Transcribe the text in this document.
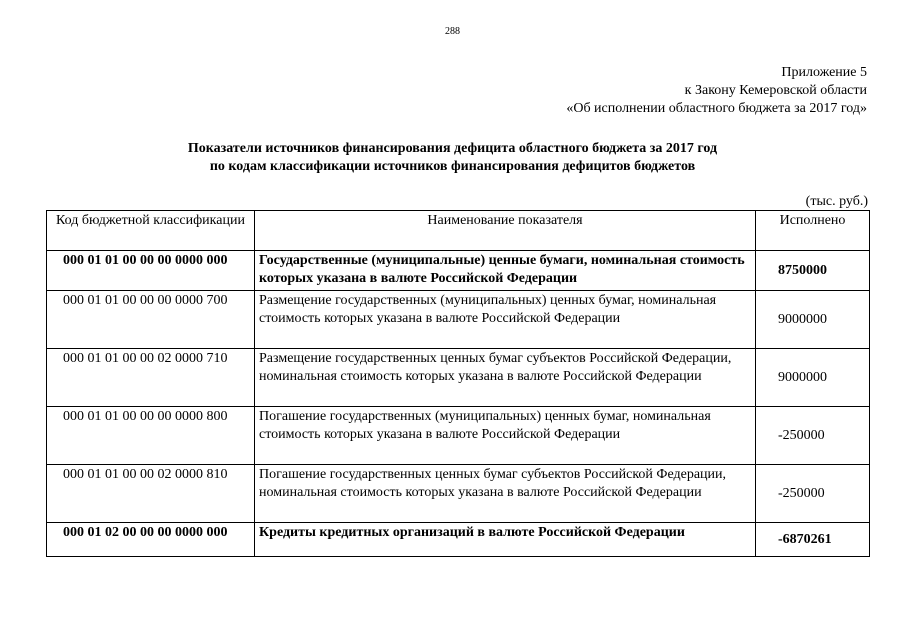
288
Приложение 5
к Закону Кемеровской области
«Об исполнении областного бюджета за 2017 год»
Показатели источников финансирования дефицита областного бюджета за 2017 год
по кодам классификации источников финансирования дефицитов бюджетов
(тыс. руб.)
Код бюджетной классификации	Наименование показателя	Исполнено
000 01 01 00 00 00 0000 000	Государственные (муниципальные) ценные бумаги, номинальная стоимость которых указана в валюте Российской Федерации	8750000
000 01 01 00 00 00 0000 700	Размещение государственных (муниципальных) ценных бумаг, номинальная стоимость которых указана в валюте Российской Федерации	9000000
000 01 01 00 00 02 0000 710	Размещение государственных ценных бумаг субъектов Российской Федерации, номинальная стоимость которых указана в валюте Российской Федерации	9000000
000 01 01 00 00 00 0000 800	Погашение государственных (муниципальных) ценных бумаг, номинальная стоимость которых указана в валюте Российской Федерации	-250000
000 01 01 00 00 02 0000 810	Погашение государственных ценных бумаг субъектов Российской Федерации, номинальная стоимость которых указана в валюте Российской Федерации	-250000
000 01 02 00 00 00 0000 000	Кредиты кредитных организаций в валюте Российской Федерации	-6870261
